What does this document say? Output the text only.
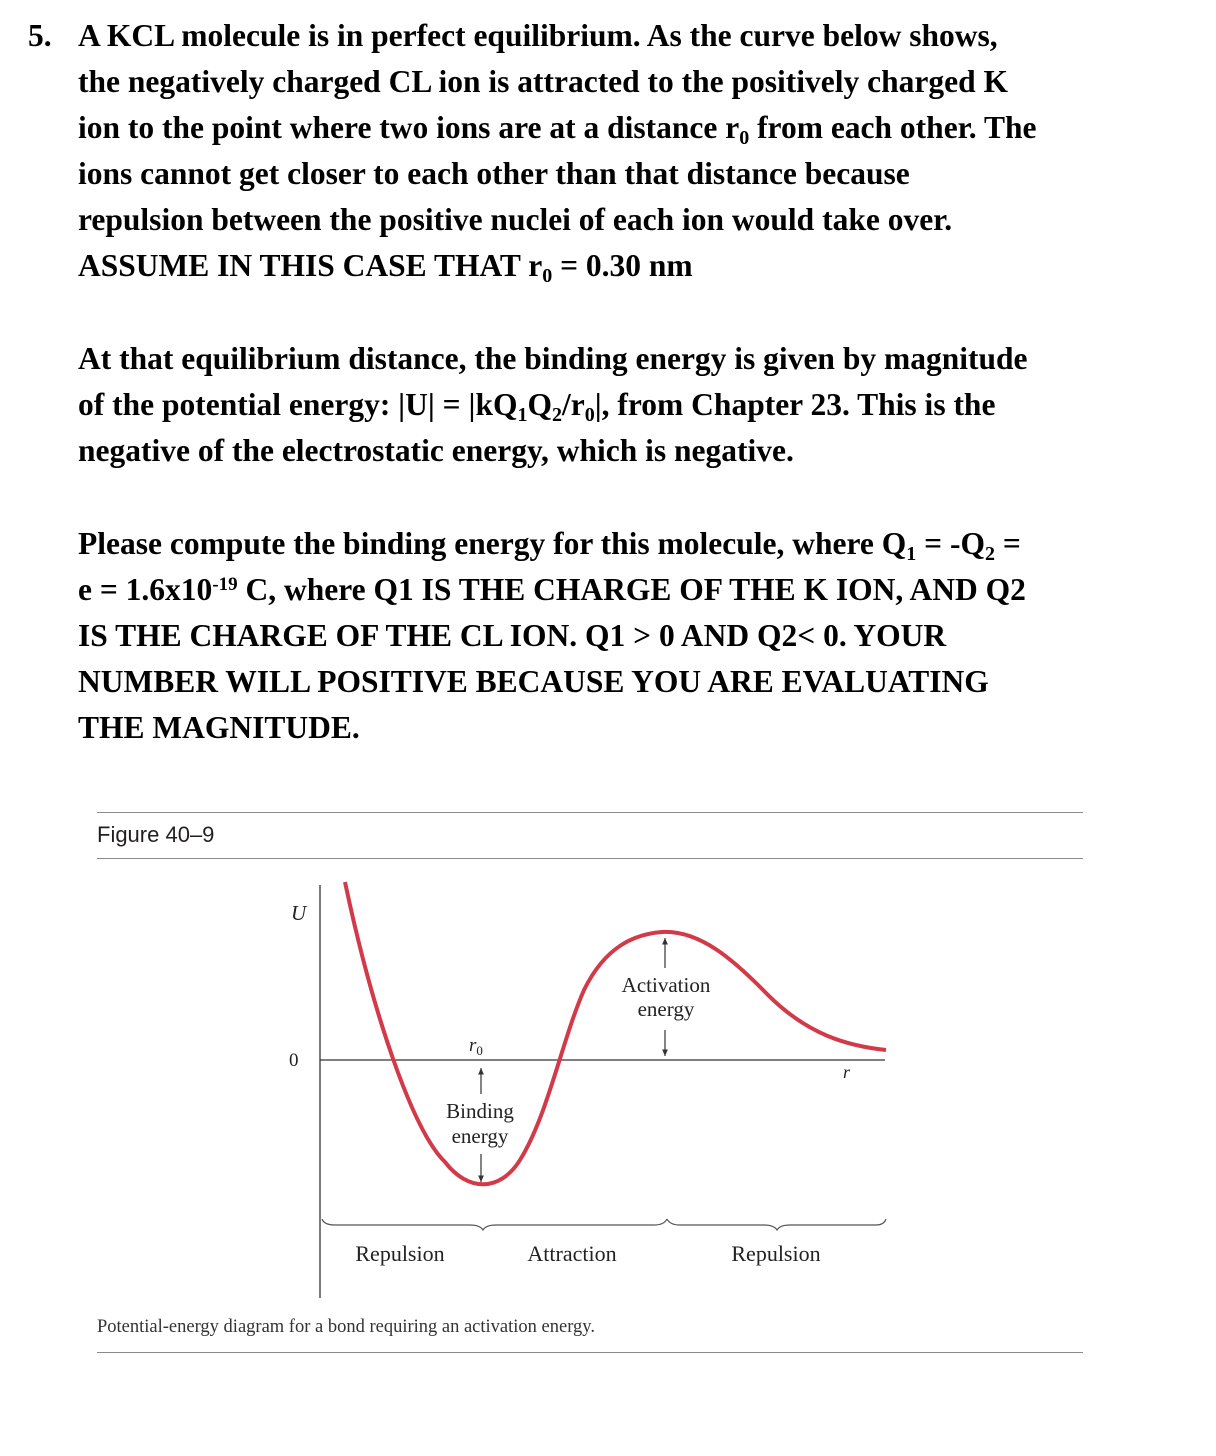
5. A KCL molecule is in perfect equilibrium. As the curve below shows,
the negatively charged CL ion is attracted to the positively charged K
ion to the point where two ions are at a distance $r_0$ from each other. The
ions cannot get closer to each other than that distance because
repulsion between the positive nuclei of each ion would take over.
ASSUME IN THIS CASE THAT $r_0 = 0.30$ nm
At that equilibrium distance, the binding energy is given by magnitude
of the potential energy: $|U| = |kQ_1Q_2/r_0|$, from Chapter 23. This is the
negative of the electrostatic energy, which is negative.
Please compute the binding energy for this molecule, where $Q_1 = -Q_2$ =
$e = 1.6x10^{-19}$ C, where Q1 IS THE CHARGE OF THE K ION, AND Q2
IS THE CHARGE OF THE CL ION. Q1 > 0 AND Q2< 0. YOUR
NUMBER WILL POSITIVE BECAUSE YOU ARE EVALUATING
THE MAGNITUDE.
Figure 40–9
U
0
r
$r_0$
Binding
energy
Activation
energy
Repulsion	Attraction	Repulsion
Potential-energy diagram for a bond requiring an activation energy.
